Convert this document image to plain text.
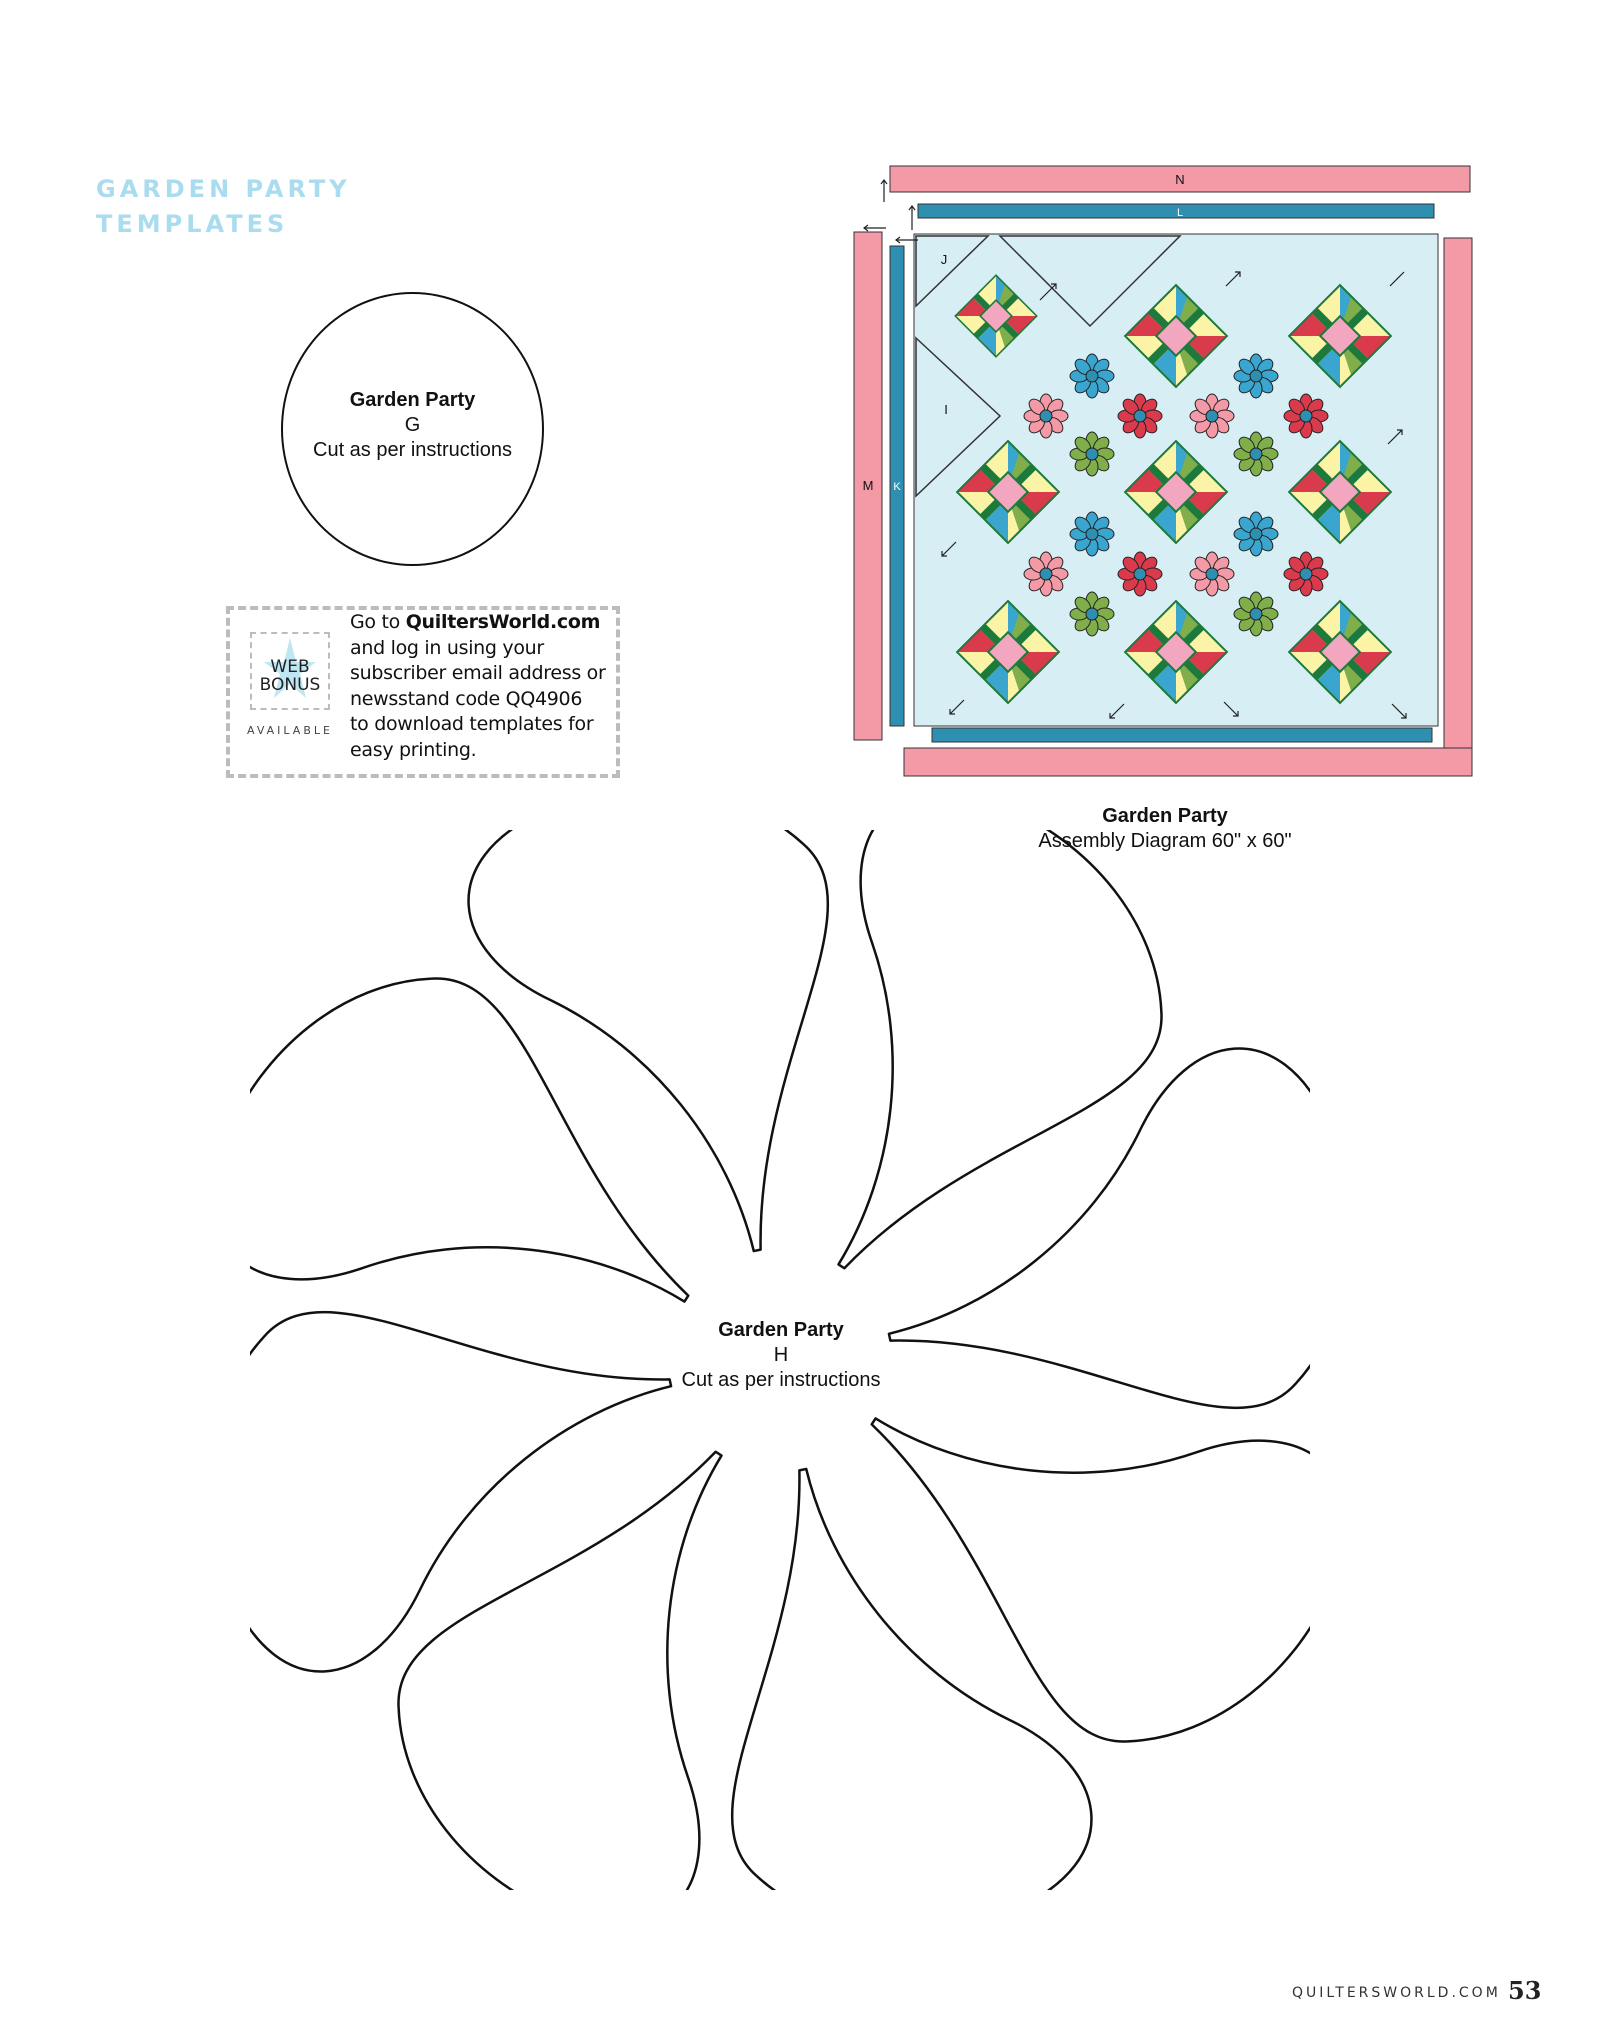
GARDEN PARTY
TEMPLATES
Garden Party
G
Cut as per instructions
WEB
BONUS
AVAILABLE
Go to QuiltersWorld.com
and log in using your
subscriber email address or
newsstand code QQ4906
to download templates for
easy printing.
N
L
M K
J
I
Garden Party
Assembly Diagram 60" x 60"
Garden Party
H
Cut as per instructions
QUILTERSWORLD.COM 53
